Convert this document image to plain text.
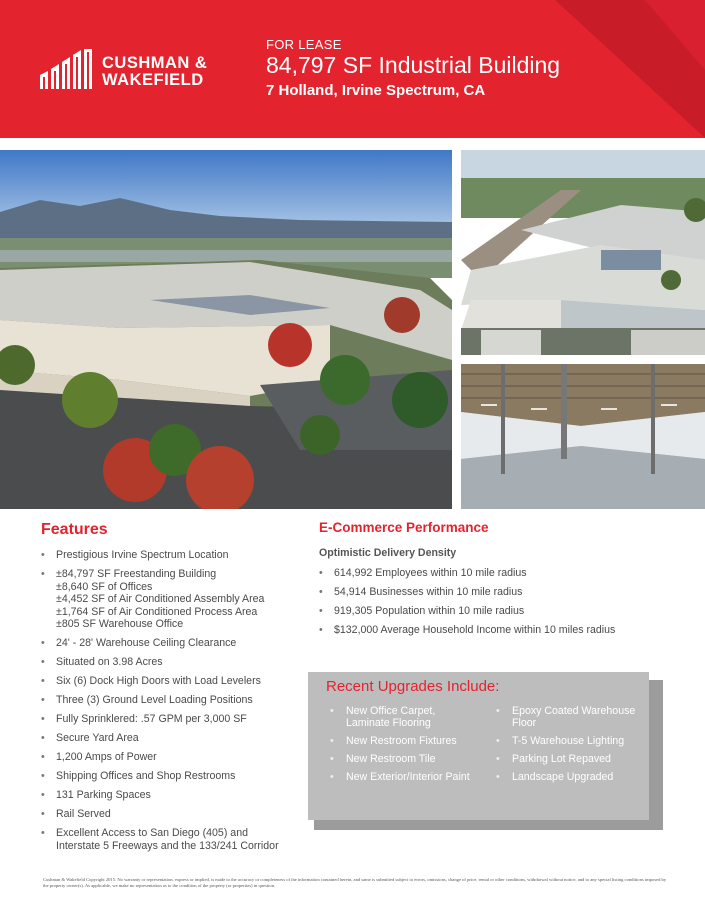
CUSHMAN &
WAKEFIELD
FOR LEASE
84,797 SF Industrial Building
7 Holland, Irvine Spectrum, CA
Features
• Prestigious Irvine Spectrum Location
• ±84,797 SF Freestanding Building
±8,640 SF of Offices
±4,452 SF of Air Conditioned Assembly Area
±1,764 SF of Air Conditioned Process Area
±805 SF Warehouse Office
• 24' - 28' Warehouse Ceiling Clearance
• Situated on 3.98 Acres
• Six (6) Dock High Doors with Load Levelers
• Three (3) Ground Level Loading Positions
• Fully Sprinklered: .57 GPM per 3,000 SF
• Secure Yard Area
• 1,200 Amps of Power
• Shipping Offices and Shop Restrooms
• 131 Parking Spaces
• Rail Served
• Excellent Access to San Diego (405) and
Interstate 5 Freeways and the 133/241 Corridor
E-Commerce Performance
Optimistic Delivery Density
• 614,992 Employees within 10 mile radius
• 54,914 Businesses within 10 mile radius
• 919,305 Population within 10 mile radius
• $132,000 Average Household Income within 10 miles radius
Recent Upgrades Include:
• New Office Carpet, Laminate Flooring
• New Restroom Fixtures
• New Restroom Tile
• New Exterior/Interior Paint
• Epoxy Coated Warehouse Floor
• T-5 Warehouse Lighting
• Parking Lot Repaved
• Landscape Upgraded
Cushman & Wakefield Copyright 2015. No warranty or representation, express or implied, is made to the accuracy or completeness of the information contained herein, and same is submitted subject to errors, omissions, change of price, rental or other conditions, withdrawal without notice, and to any special listing conditions imposed by the property owner(s). As applicable, we make no representation as to the condition of the property (or properties) in question.
